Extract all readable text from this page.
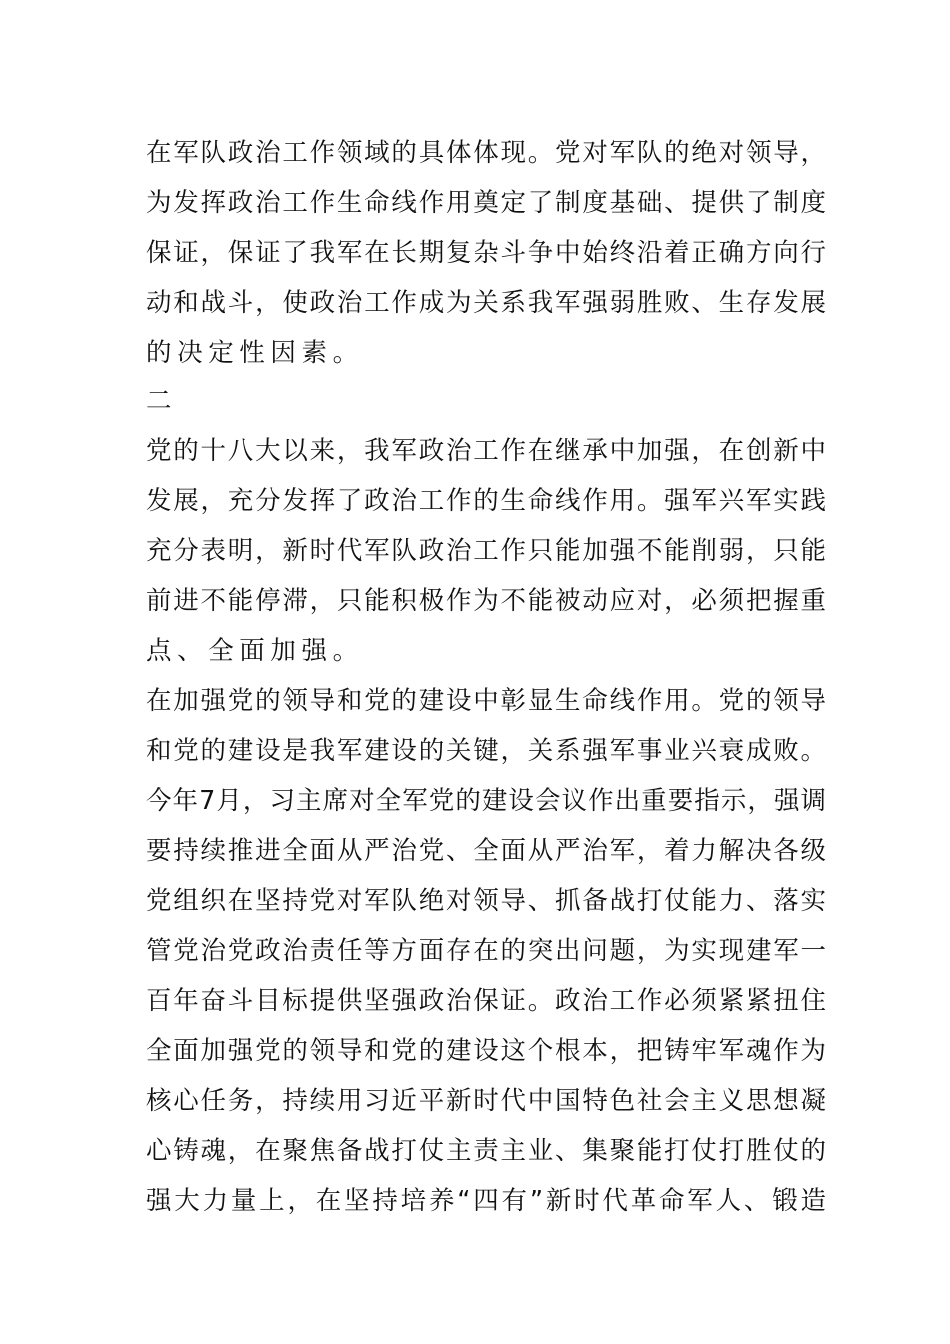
在军队政治工作领域的具体体现。党对军队的绝对领导，
为发挥政治工作生命线作用奠定了制度基础、提供了制度
保证，保证了我军在长期复杂斗争中始终沿着正确方向行
动和战斗，使政治工作成为关系我军强弱胜败、生存发展
的决定性因素。
二
党的十八大以来，我军政治工作在继承中加强，在创新中
发展，充分发挥了政治工作的生命线作用。强军兴军实践
充分表明，新时代军队政治工作只能加强不能削弱，只能
前进不能停滞，只能积极作为不能被动应对，必须把握重
点、全面加强。
在加强党的领导和党的建设中彰显生命线作用。党的领导
和党的建设是我军建设的关键，关系强军事业兴衰成败。
今年7月，习主席对全军党的建设会议作出重要指示，强调
要持续推进全面从严治党、全面从严治军，着力解决各级
党组织在坚持党对军队绝对领导、抓备战打仗能力、落实
管党治党政治责任等方面存在的突出问题，为实现建军一
百年奋斗目标提供坚强政治保证。政治工作必须紧紧扭住
全面加强党的领导和党的建设这个根本，把铸牢军魂作为
核心任务，持续用习近平新时代中国特色社会主义思想凝
心铸魂，在聚焦备战打仗主责主业、集聚能打仗打胜仗的
强大力量上，在坚持培养“四有”新时代革命军人、锻造
